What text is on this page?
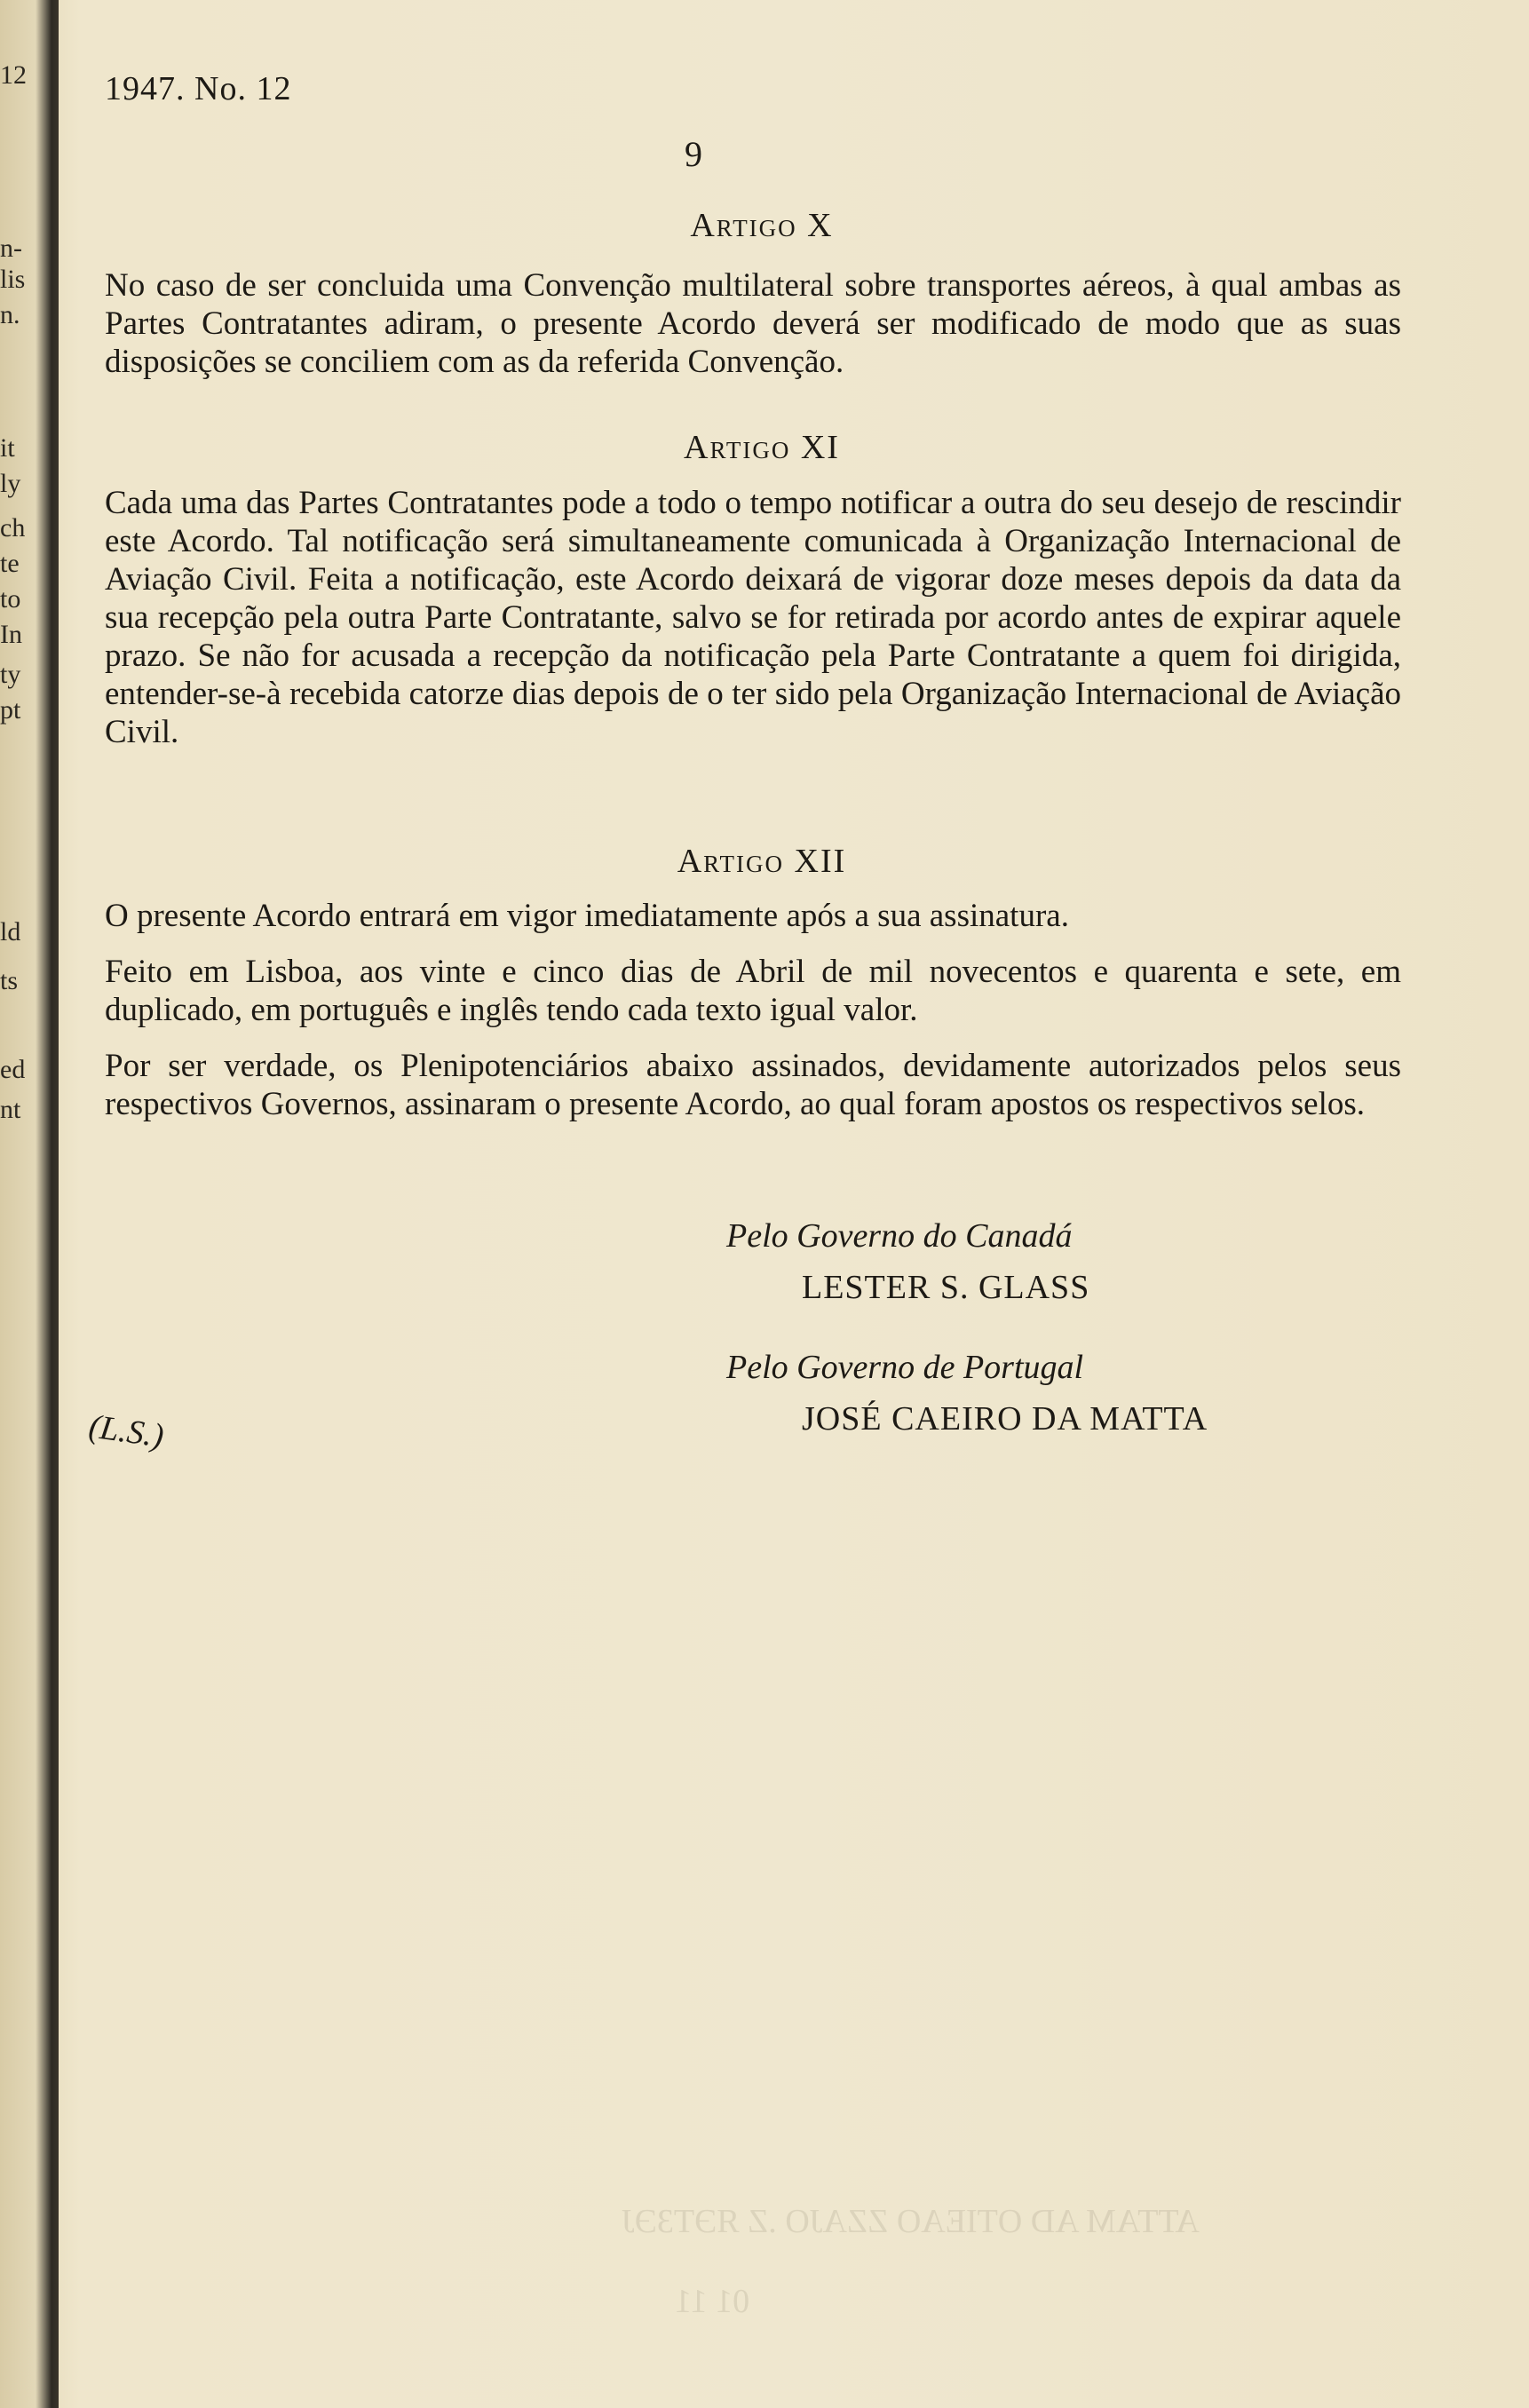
12
n-
lis
n.
it
ly
ch
te
to
In
ty
pt
ld
ts
ed
nt
ATTAM AD OTIEAO ZZAJO .Z ЯЭТЗЭJ
01 11
1947. No. 12
9
Artigo X

No caso de ser concluida uma Convenção multilateral sobre transportes aéreos, à qual ambas as Partes Contratantes adiram, o presente Acordo deverá ser modificado de modo que as suas disposições se conciliem com as da referida Convenção.

Artigo XI

Cada uma das Partes Contratantes pode a todo o tempo notificar a outra do seu desejo de rescindir este Acordo. Tal notificação será simultaneamente comunicada à Organização Internacional de Aviação Civil. Feita a notificação, este Acordo deixará de vigorar doze meses depois da data da sua recepção pela outra Parte Contratante, salvo se for retirada por acordo antes de expirar aquele prazo. Se não for acusada a recepção da notificação pela Parte Contratante a quem foi dirigida, entender-se-à recebida catorze dias depois de o ter sido pela Organização Internacional de Aviação Civil.

Artigo XII

O presente Acordo entrará em vigor imediatamente após a sua assinatura.

Feito em Lisboa, aos vinte e cinco dias de Abril de mil novecentos e quarenta e sete, em duplicado, em português e inglês tendo cada texto igual valor.

Por ser verdade, os Plenipotenciários abaixo assinados, devidamente autorizados pelos seus respectivos Governos, assinaram o presente Acordo, ao qual foram apostos os respectivos selos.

Pelo Governo do Canadá
LESTER S. GLASS
Pelo Governo de Portugal
JOSÉ CAEIRO DA MATTA
(L.S.)
